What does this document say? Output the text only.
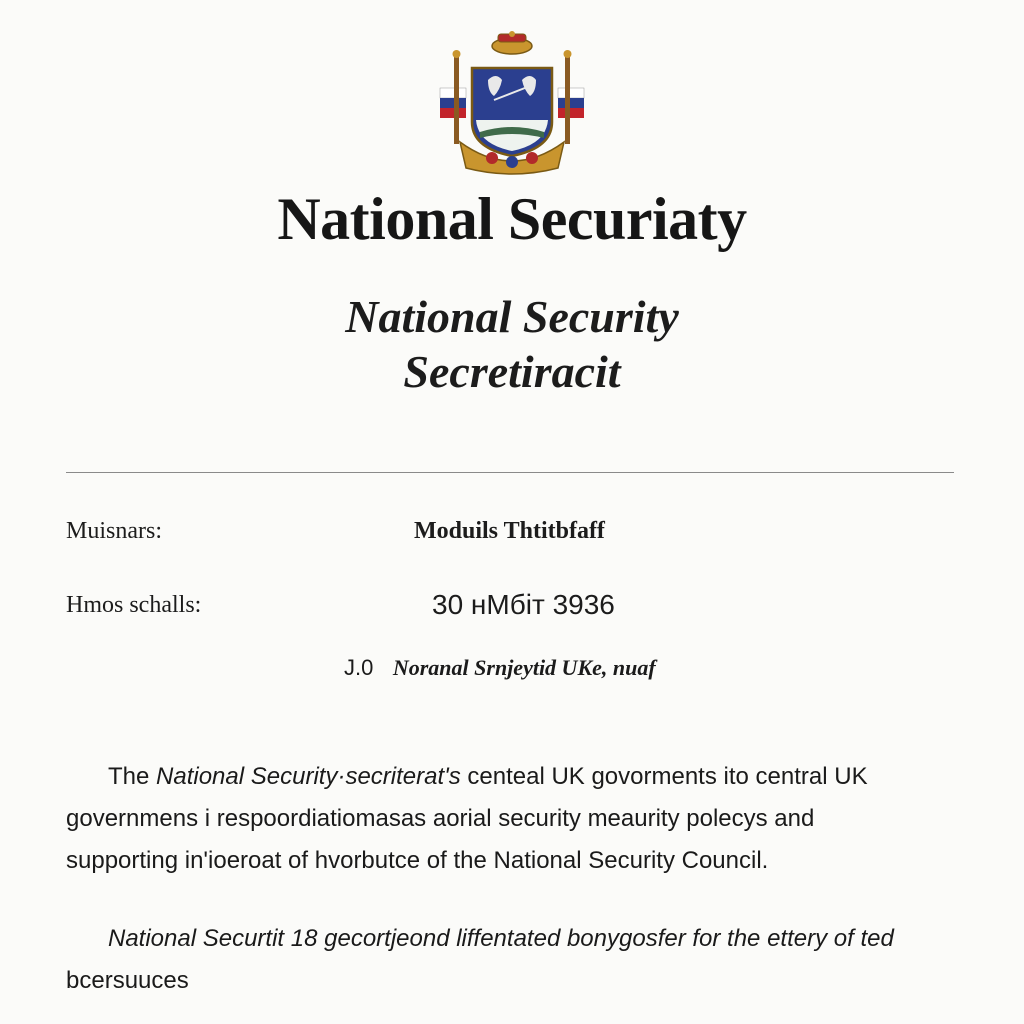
National Securiaty
National Security
Secretiracit
Muisnars:	Moduils Thtitbfaff
Hmos schalls:	30 нМбіт 3936
J.0 Noranal Srnjeytid UKe, nuaf

The National Security·secriterat's centeal UK govorments ito central UK
governmens i respoordiatiomasas aorial security meaurity polecys and
supporting in'ioeroat of hvorbutce of the National Security Council.

National Securtit 18 gecortjeond liffentated bonygosfer for the ettery of ted
bcersuuces
